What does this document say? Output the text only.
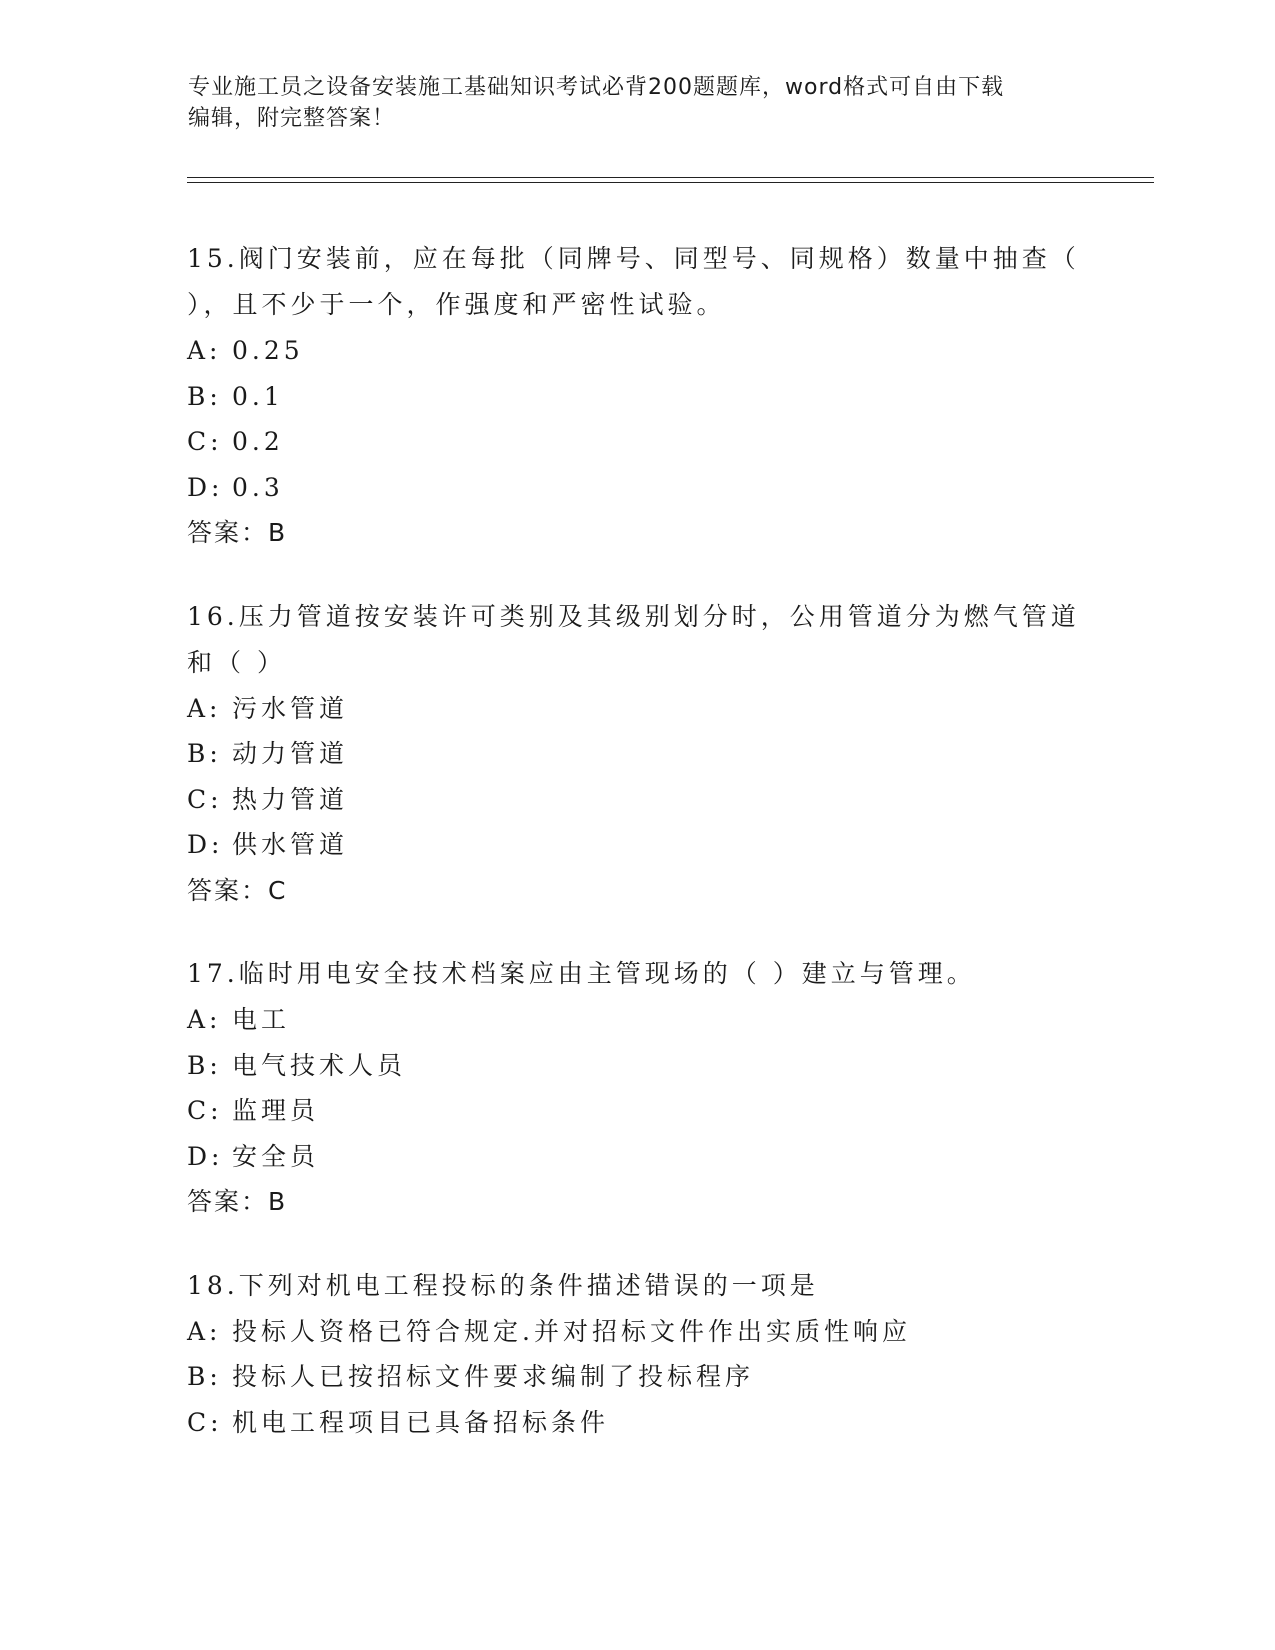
专业施工员之设备安装施工基础知识考试必背200题题库，word格式可自由下载
编辑，附完整答案！

15.阀门安装前，应在每批（同牌号、同型号、同规格）数量中抽查（

），且不少于一个，作强度和严密性试验。

A: 0.25

B: 0.1

C: 0.2

D: 0.3

答案：B

16.压力管道按安装许可类别及其级别划分时，公用管道分为燃气管道

和（ ）

A: 污水管道

B: 动力管道

C: 热力管道

D: 供水管道

答案：C

17.临时用电安全技术档案应由主管现场的（ ）建立与管理。

A: 电工

B: 电气技术人员

C: 监理员

D: 安全员

答案：B

18.下列对机电工程投标的条件描述错误的一项是

A: 投标人资格已符合规定.并对招标文件作出实质性响应

B: 投标人已按招标文件要求编制了投标程序

C: 机电工程项目已具备招标条件
